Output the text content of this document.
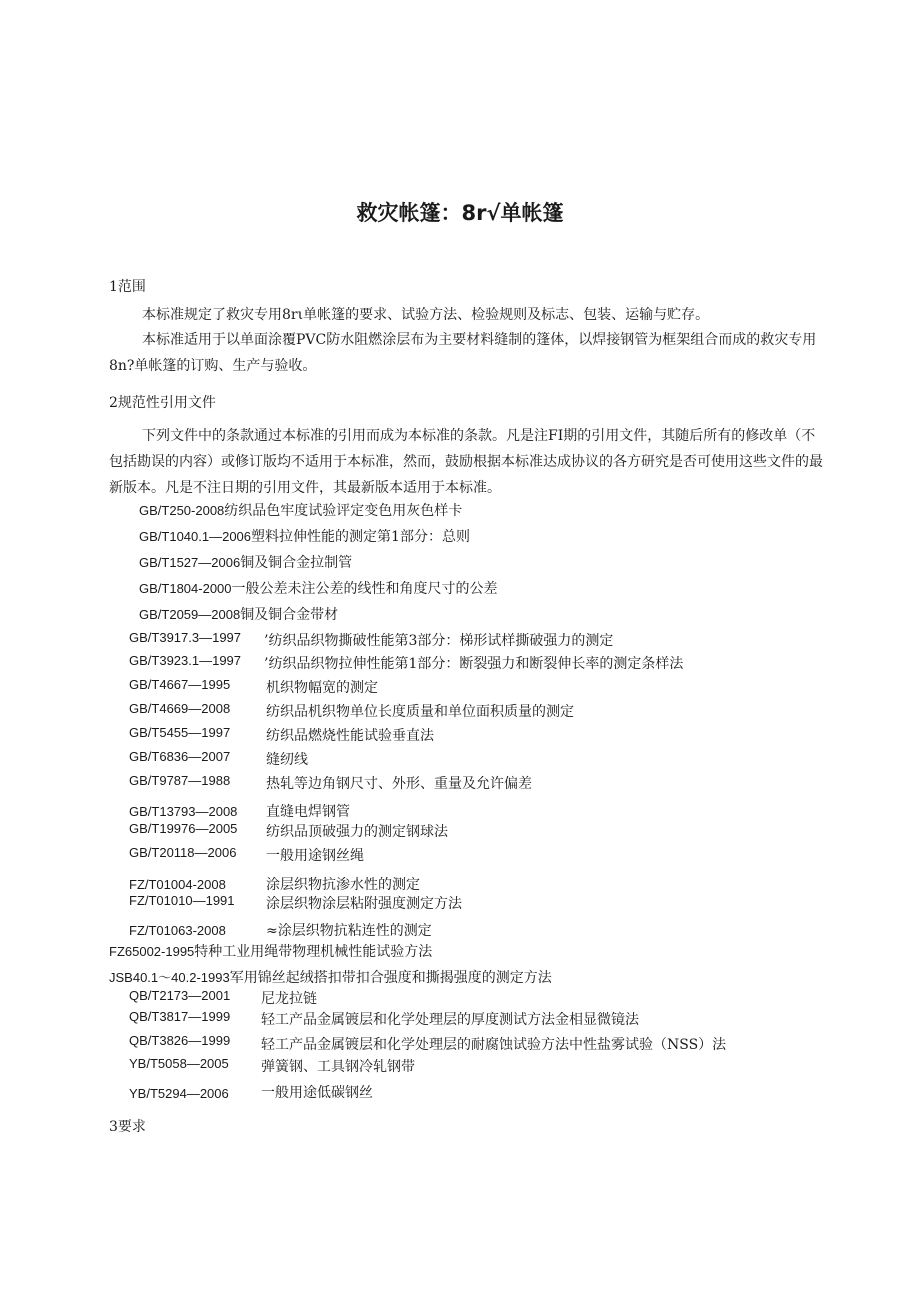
救灾帐篷：8r√单帐篷
1范围
本标准规定了救灾专用8rι单帐篷的要求、试验方法、检验规则及标志、包装、运输与贮存。
本标准适用于以单面涂覆PVC防水阻燃涂层布为主要材料缝制的篷体，以焊接钢管为框架组合而成的救灾专用8n?单帐篷的订购、生产与验收。
2规范性引用文件
下列文件中的条款通过本标准的引用而成为本标准的条款。凡是注FI期的引用文件，其随后所有的修改单（不包括勘误的内容）或修订版均不适用于本标准，然而，鼓励根据本标准达成协议的各方研究是否可使用这些文件的最新版本。凡是不注日期的引用文件，其最新版本适用于本标准。
GB/T250-2008纺织品色牢度试验评定变色用灰色样卡
GB/T1040.1—2006塑料拉伸性能的测定第1部分：总则
GB/T1527—2006铜及铜合金拉制管
GB/T1804-2000一般公差未注公差的线性和角度尺寸的公差
GB/T2059—2008铜及铜合金带材
GB/T3917.3—1997 ’纺织品织物撕破性能第3部分：梯形试样撕破强力的测定
GB/T3923.1—1997 ’纺织品织物拉伸性能第1部分：断裂强力和断裂伸长率的测定条样法
GB/T4667—1995	机织物幅宽的测定
GB/T4669—2008	纺织品机织物单位长度质量和单位面积质量的测定
GB/T5455—1997	纺织品燃烧性能试验垂直法
GB/T6836—2007	缝纫线
GB/T9787—1988	热轧等边角钢尺寸、外形、重量及允许偏差
GB/T13793—2008 直缝电焊钢管
GB/T19976—2005 纺织品顶破强力的测定钢球法
GB/T20118—2006 一般用途钢丝绳
FZ/T01004-2008	涂层织物抗渗水性的测定
FZ/T01010—1991 涂层织物涂层粘附强度测定方法
FZ/T01063-2008	≈涂层织物抗粘连性的测定
FZ65002-1995特种工业用绳带物理机械性能试验方法
JSB40.1～40.2-1993军用锦丝起绒搭扣带扣合强度和撕揭强度的测定方法
QB/T2173—2001 尼龙拉链
QB/T3817—1999 轻工产品金属镀层和化学处理层的厚度测试方法金相显微镜法
QB/T3826—1999 轻工产品金属镀层和化学处理层的耐腐蚀试验方法中性盐雾试验（NSS）法
YB/T5058—2005 弹簧钢、工具钢冷轧钢带
YB/T5294—2006 一般用途低碳钢丝
3要求
